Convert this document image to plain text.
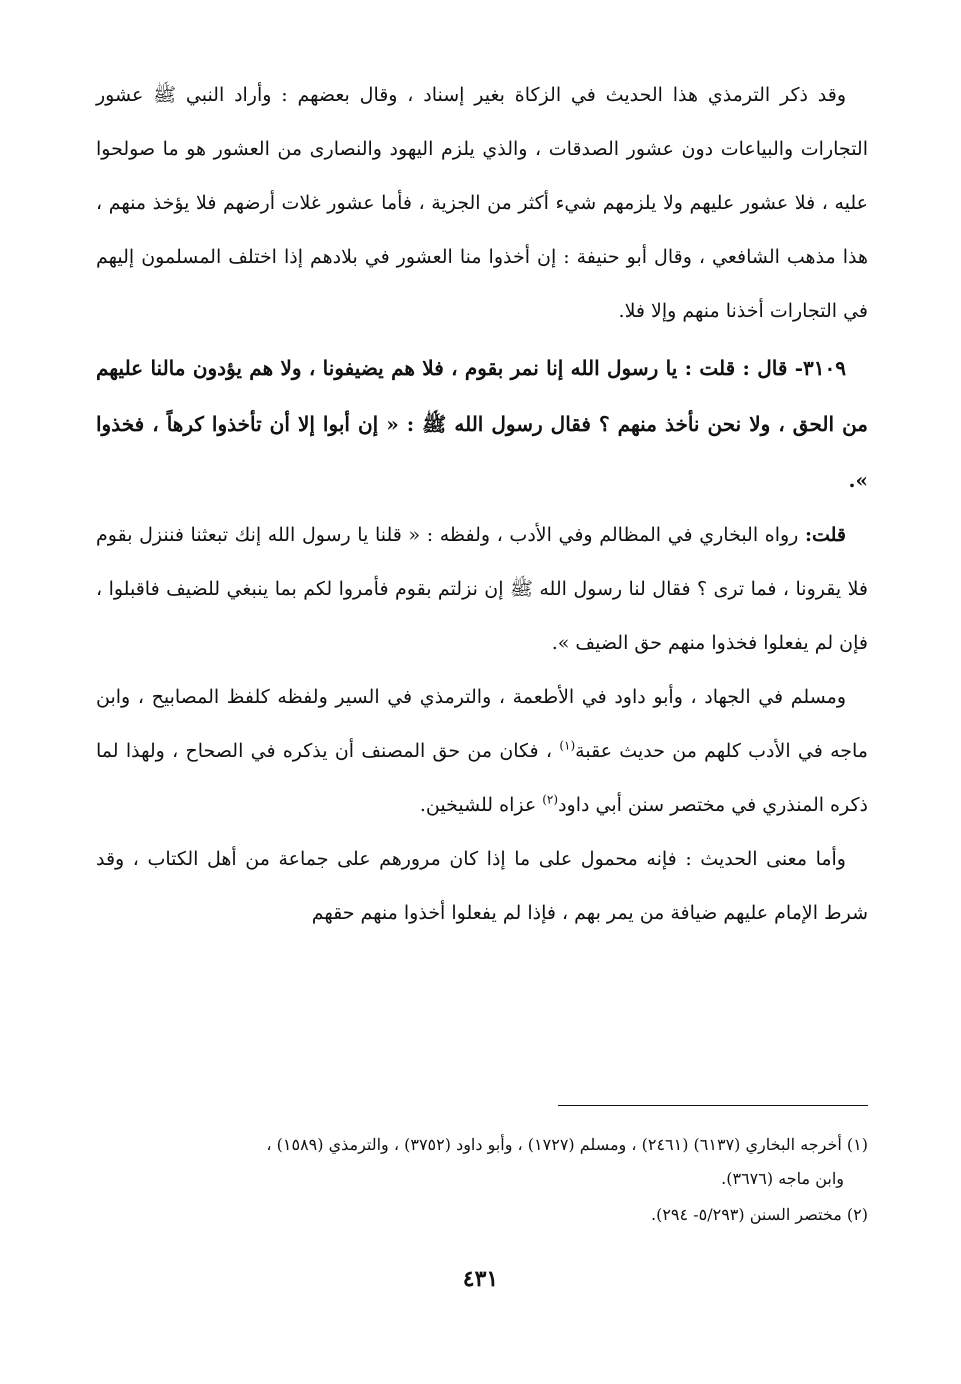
وقد ذكر الترمذي هذا الحديث في الزكاة بغير إسناد ، وقال بعضهم : وأراد النبي ﷺ عشور التجارات والبياعات دون عشور الصدقات ، والذي يلزم اليهود والنصارى من العشور هو ما صولحوا عليه ، فلا عشور عليهم ولا يلزمهم شيء أكثر من الجزية ، فأما عشور غلات أرضهم فلا يؤخذ منهم ، هذا مذهب الشافعي ، وقال أبو حنيفة : إن أخذوا منا العشور في بلادهم إذا اختلف المسلمون إليهم في التجارات أخذنا منهم وإلا فلا.

٣١٠٩- قال : قلت : يا رسول الله إنا نمر بقوم ، فلا هم يضيفونا ، ولا هم يؤدون مالنا عليهم من الحق ، ولا نحن نأخذ منهم ؟ فقال رسول الله ﷺ : « إن أبوا إلا أن تأخذوا كرهاً ، فخذوا ».

قلت: رواه البخاري في المظالم وفي الأدب ، ولفظه : « قلنا يا رسول الله إنك تبعثنا فننزل بقوم فلا يقرونا ، فما ترى ؟ فقال لنا رسول الله ﷺ إن نزلتم بقوم فأمروا لكم بما ينبغي للضيف فاقبلوا ، فإن لم يفعلوا فخذوا منهم حق الضيف ».

ومسلم في الجهاد ، وأبو داود في الأطعمة ، والترمذي في السير ولفظه كلفظ المصابيح ، وابن ماجه في الأدب كلهم من حديث عقبة$^{(١)}$ ، فكان من حق المصنف أن يذكره في الصحاح ، ولهذا لما ذكره المنذري في مختصر سنن أبي داود$^{(٢)}$ عزاه للشيخين.

وأما معنى الحديث : فإنه محمول على ما إذا كان مرورهم على جماعة من أهل الكتاب ، وقد شرط الإمام عليهم ضيافة من يمر بهم ، فإذا لم يفعلوا أخذوا منهم حقهم

(١) أخرجه البخاري (٦١٣٧) (٢٤٦١) ، ومسلم (١٧٢٧) ، وأبو داود (٣٧٥٢) ، والترمذي (١٥٨٩) ،
وابن ماجه (٣٦٧٦).

(٢) مختصر السنن (٥/٢٩٣- ٢٩٤).

٤٣١
